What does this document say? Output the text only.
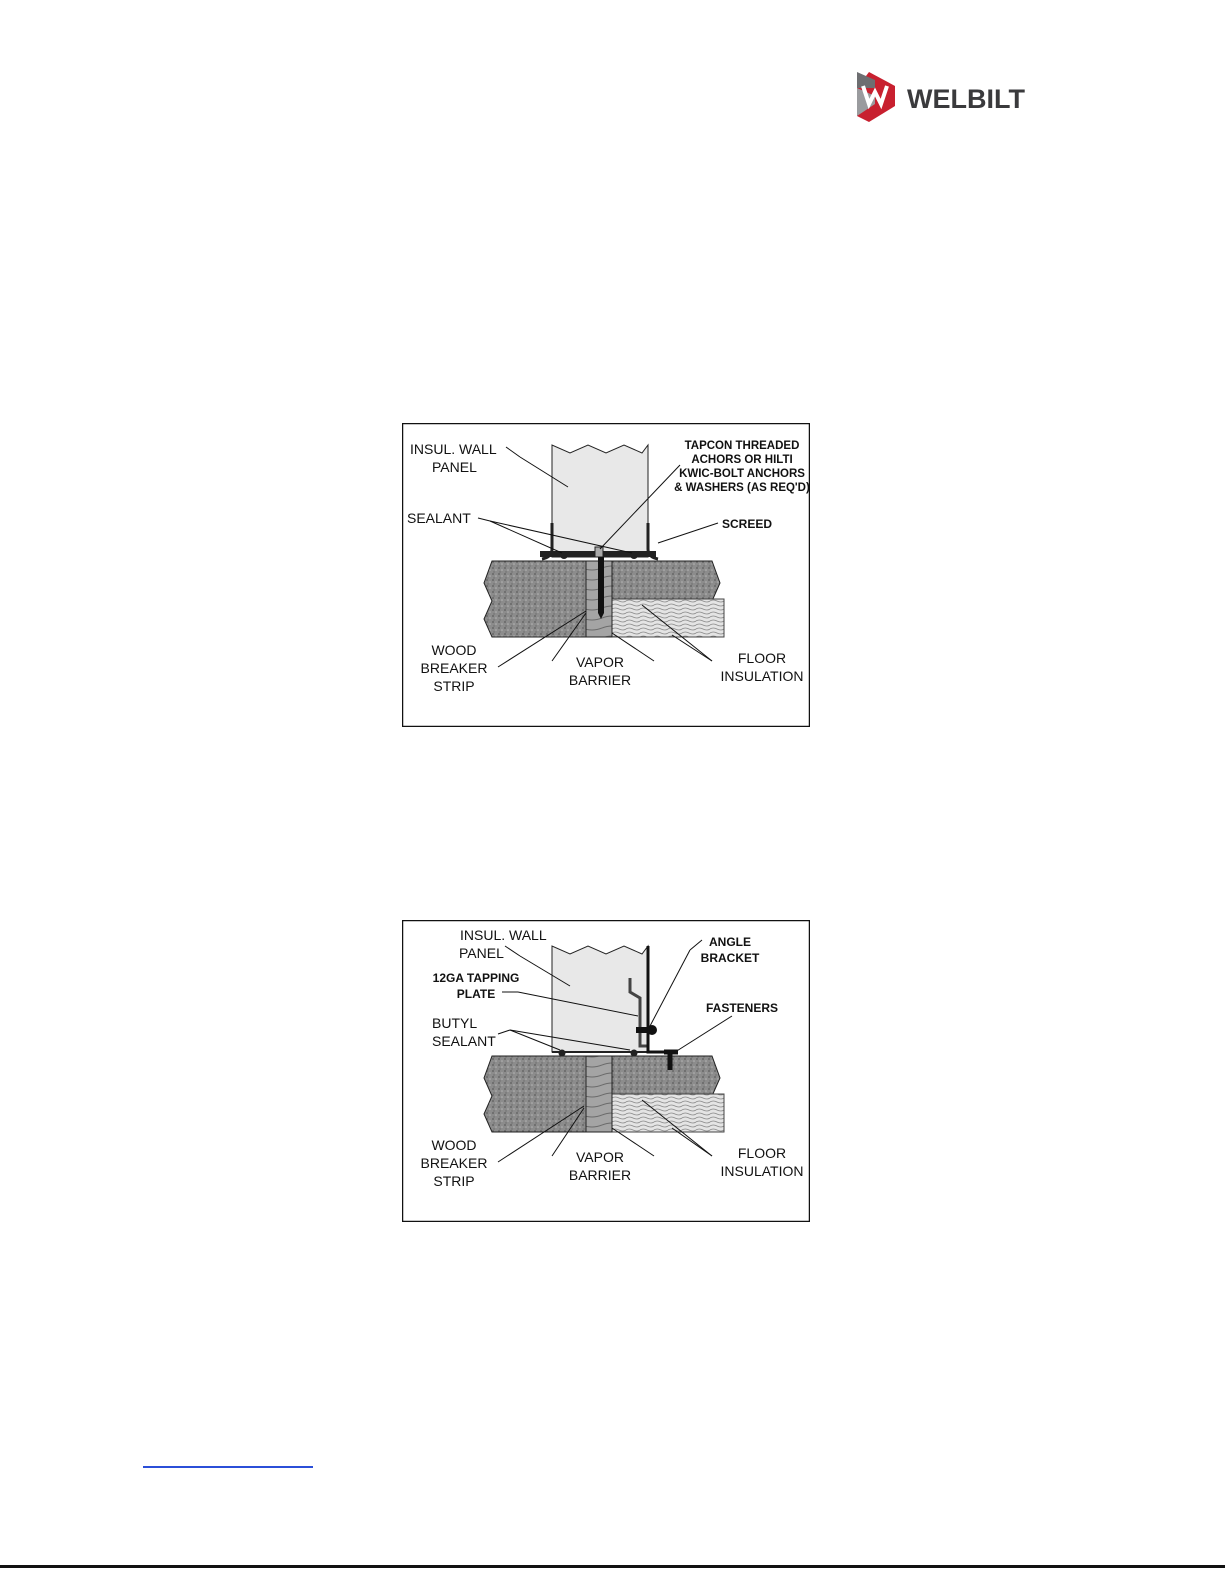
WELBILT
INSUL. WALL
PANEL
TAPCON THREADED
ACHORS OR HILTI
KWIC-BOLT ANCHORS
& WASHERS (AS REQ'D)
SEALANT	SCREED
WOOD
BREAKER
STRIP
VAPOR
BARRIER
FLOOR
INSULATION
INSUL. WALL
PANEL
ANGLE
BRACKET
12GA TAPPING
PLATE
FASTENERS
BUTYL
SEALANT
WOOD
BREAKER
STRIP
VAPOR
BARRIER
FLOOR
INSULATION
